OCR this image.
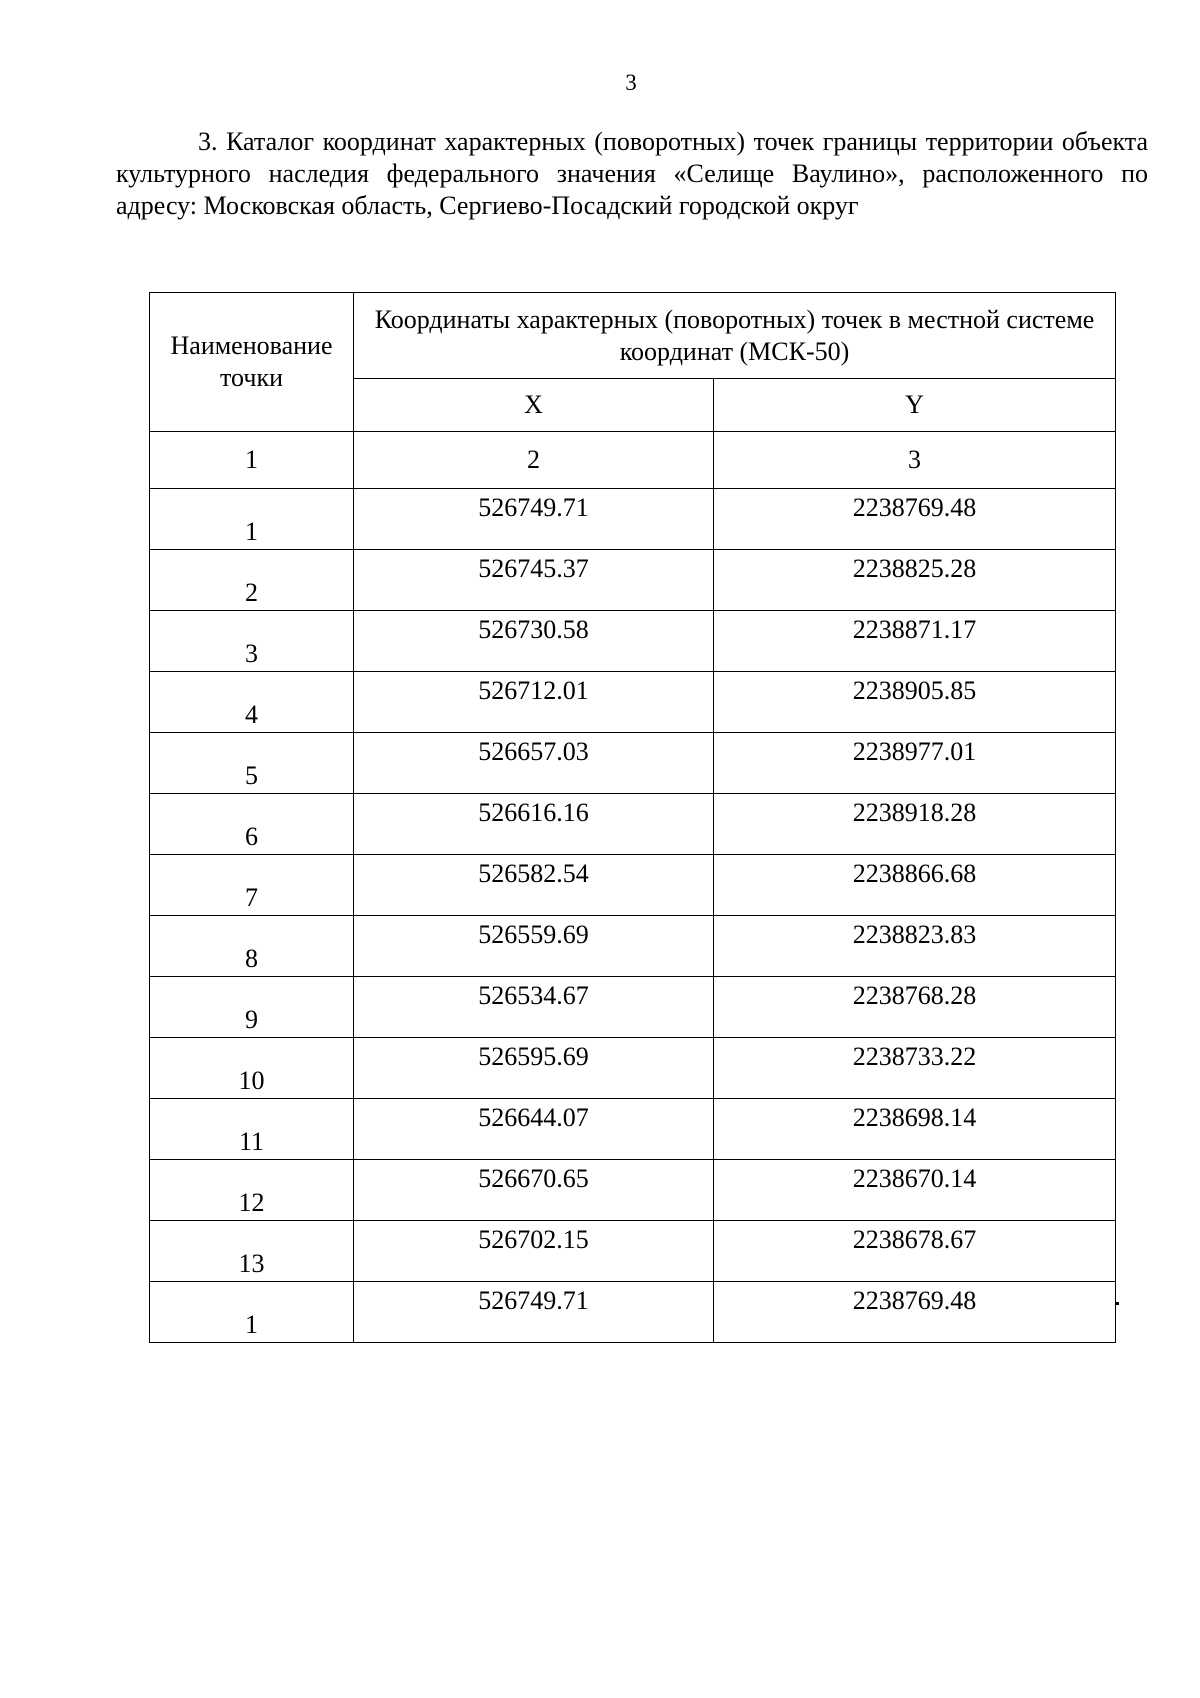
3
3. Каталог координат характерных (поворотных) точек границы территории объекта культурного наследия федерального значения «Селище Ваулино», расположенного по адресу: Московская область, Сергиево-Посадский городской округ
Наименование точки	Координаты характерных (поворотных) точек в местной системе координат (МСК-50)	
	X	Y
1	2	3
1	526749.71	2238769.48
2	526745.37	2238825.28
3	526730.58	2238871.17
4	526712.01	2238905.85
5	526657.03	2238977.01
6	526616.16	2238918.28
7	526582.54	2238866.68
8	526559.69	2238823.83
9	526534.67	2238768.28
10	526595.69	2238733.22
11	526644.07	2238698.14
12	526670.65	2238670.14
13	526702.15	2238678.67
1	526749.71	2238769.48
